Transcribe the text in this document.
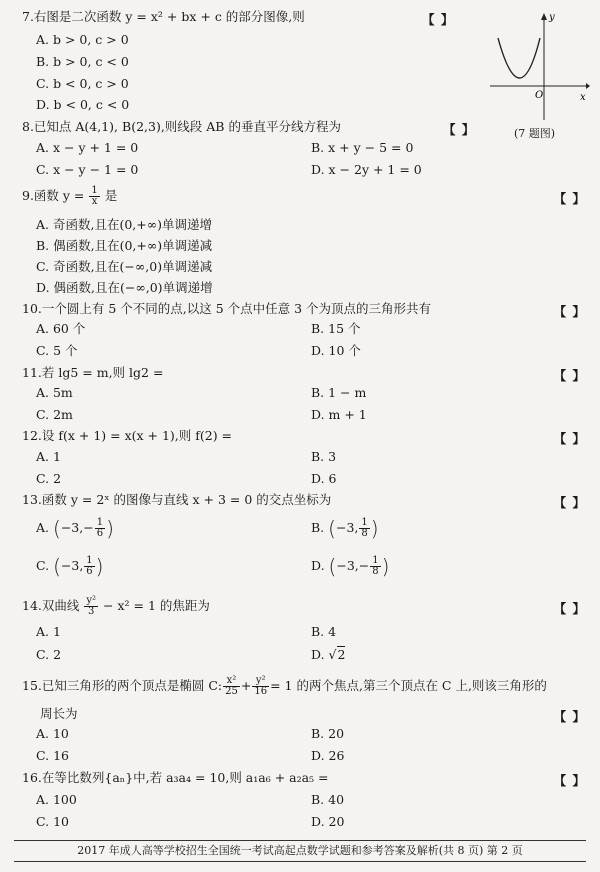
7.右图是二次函数 y = x² + bx + c 的部分图像,则	【 】
A. b > 0, c > 0
B. b > 0, c < 0
C. b < 0, c > 0
D. b < 0, c < 0
y
O	x
(7 题图)
8.已知点 A(4,1), B(2,3),则线段 AB 的垂直平分线方程为	【 】
A. x − y + 1 = 0	B. x + y − 5 = 0
C. x − y − 1 = 0	D. x − 2y + 1 = 0
9.函数 $y = \frac{1}{x}$ 是	【 】
A. 奇函数,且在(0,+∞)单调递增
B. 偶函数,且在(0,+∞)单调递减
C. 奇函数,且在(−∞,0)单调递减
D. 偶函数,且在(−∞,0)单调递增
10.一个圆上有 5 个不同的点,以这 5 个点中任意 3 个为顶点的三角形共有	【 】
A. 60 个	B. 15 个
C. 5 个	D. 10 个
11.若 lg5 = m,则 lg2 =	【 】
A. 5m	B. 1 − m
C. 2m	D. m + 1
12.设 f(x + 1) = x(x + 1),则 f(2) =	【 】
A. 1	B. 3
C. 2	D. 6
13.函数 y = 2ˣ 的图像与直线 x + 3 = 0 的交点坐标为	【 】
A. ($-3,- \frac{1}{6}$ )	B. (−3, $\frac{1}{8}$ )
C. (−3, $\frac{1}{6}$ )	D. ($-3,- \frac{1}{8}$ )
14.双曲线 $\frac{\text{y²}}{3} - x^2 = 1$ 的焦距为	【 】
A. 1	B. 4
C. 2	D. √2
15.已知三角形的两个顶点是椭圆 C: $\frac{\text{x²}}{25} + \frac{\text{y²}}{16} = 1$ 的两个焦点,第三个顶点在 C 上,则该三角形的
周长为	【 】
A. 10	B. 20
C. 16	D. 26
16.在等比数列{aₙ}中,若 a₃a₄ = 10,则 a₁a₆ + a₂a₅ =	【 】
A. 100	B. 40
C. 10	D. 20
2017 年成人高等学校招生全国统一考试高起点数学试题和参考答案及解析(共 8 页) 第 2 页
